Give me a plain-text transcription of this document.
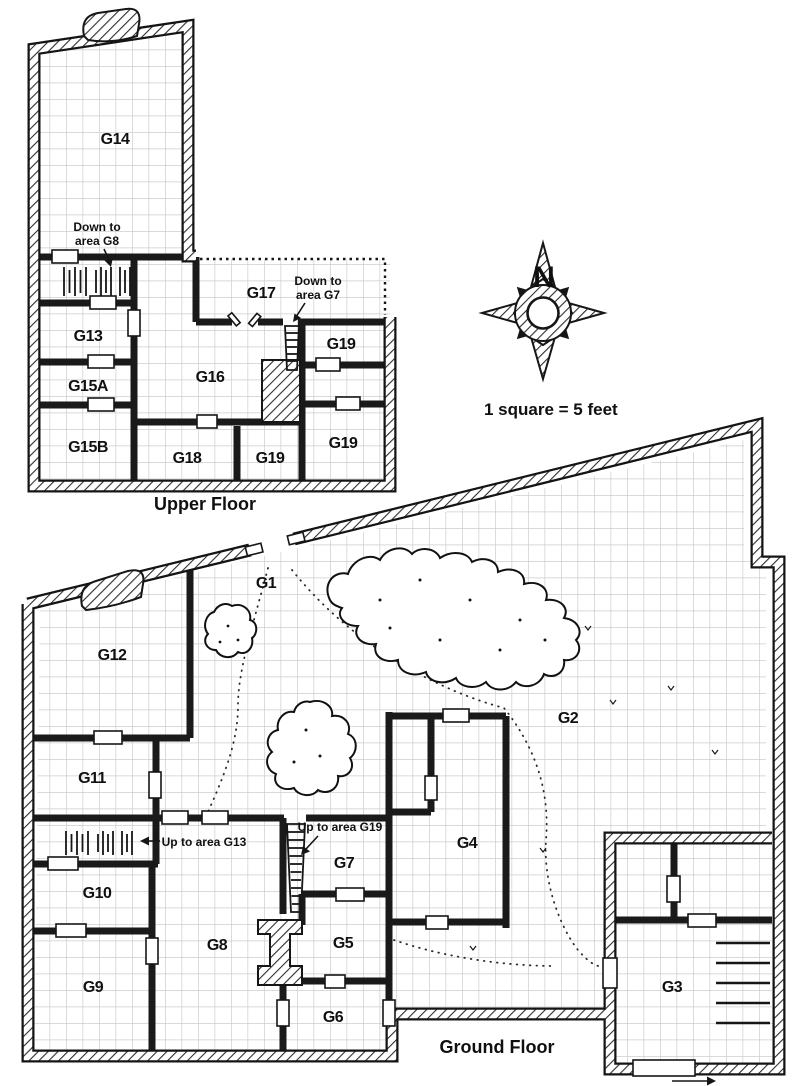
G14
G13
G15A
G15B
G16
G17
G18
G19
G19
G19
Down to
area G8
Down to
area G7
Upper Floor
N
1 square = 5 feet
G1
G2
G3
G4
G5
G6
G7
G8
G9
G10
G11
G12
Up to area G13
Up to area G19
Ground Floor
